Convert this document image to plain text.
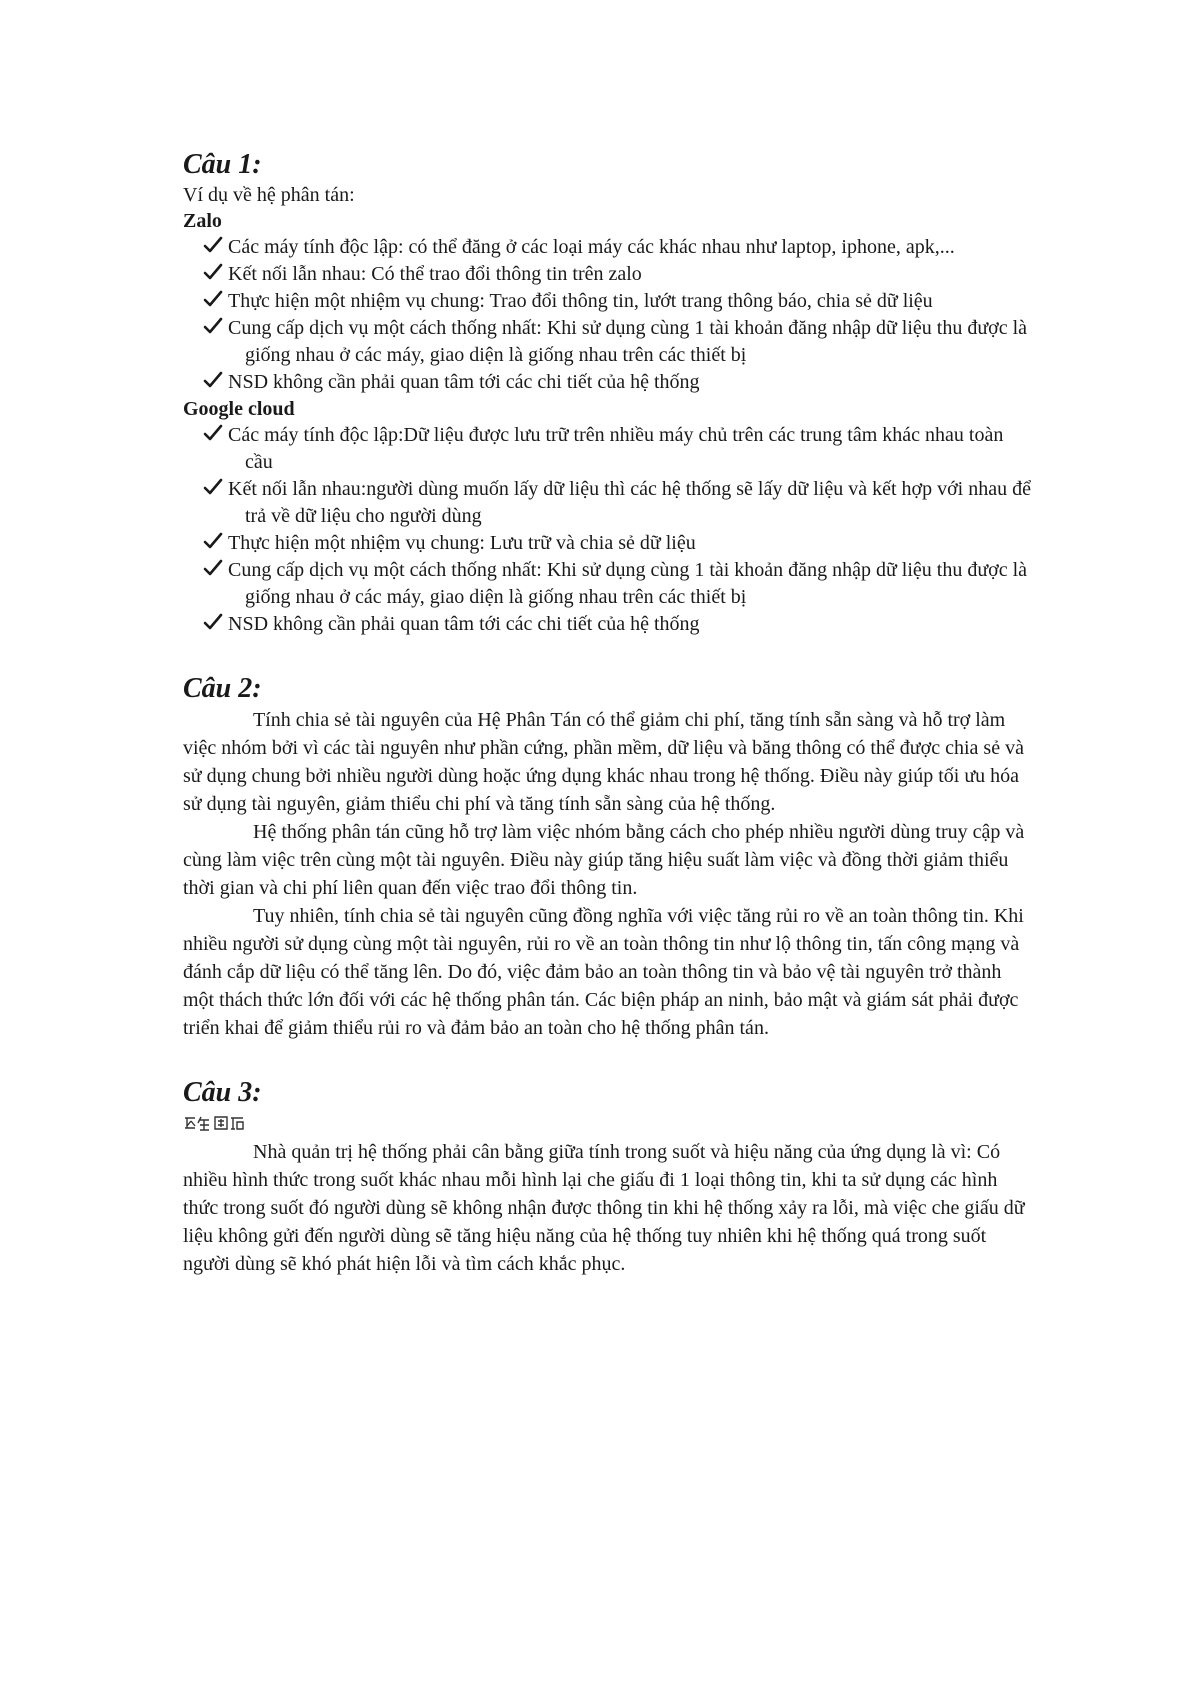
Câu 1:

Ví dụ về hệ phân tán:

Zalo

Các máy tính độc lập: có thể đăng ở các loại máy các khác nhau như laptop, iphone, apk,...
Kết nối lẫn nhau: Có thể trao đổi thông tin trên zalo
Thực hiện một nhiệm vụ chung: Trao đổi thông tin, lướt trang thông báo, chia sẻ dữ liệu
Cung cấp dịch vụ một cách thống nhất: Khi sử dụng cùng 1 tài khoản đăng nhập dữ liệu thu được là giống nhau ở các máy, giao diện là giống nhau trên các thiết bị
NSD không cần phải quan tâm tới các chi tiết của hệ thống

Google cloud

Các máy tính độc lập:Dữ liệu được lưu trữ trên nhiều máy chủ trên các trung tâm khác nhau toàn cầu
Kết nối lẫn nhau:người dùng muốn lấy dữ liệu thì các hệ thống sẽ lấy dữ liệu và kết hợp với nhau để trả về dữ liệu cho người dùng
Thực hiện một nhiệm vụ chung: Lưu trữ và chia sẻ dữ liệu
Cung cấp dịch vụ một cách thống nhất: Khi sử dụng cùng 1 tài khoản đăng nhập dữ liệu thu được là giống nhau ở các máy, giao diện là giống nhau trên các thiết bị
NSD không cần phải quan tâm tới các chi tiết của hệ thống
Câu 2:

Tính chia sẻ tài nguyên của Hệ Phân Tán có thể giảm chi phí, tăng tính sẵn sàng và hỗ trợ làm việc nhóm bởi vì các tài nguyên như phần cứng, phần mềm, dữ liệu và băng thông có thể được chia sẻ và sử dụng chung bởi nhiều người dùng hoặc ứng dụng khác nhau trong hệ thống. Điều này giúp tối ưu hóa sử dụng tài nguyên, giảm thiểu chi phí và tăng tính sẵn sàng của hệ thống.

Hệ thống phân tán cũng hỗ trợ làm việc nhóm bằng cách cho phép nhiều người dùng truy cập và cùng làm việc trên cùng một tài nguyên. Điều này giúp tăng hiệu suất làm việc và đồng thời giảm thiểu thời gian và chi phí liên quan đến việc trao đổi thông tin.

Tuy nhiên, tính chia sẻ tài nguyên cũng đồng nghĩa với việc tăng rủi ro về an toàn thông tin. Khi nhiều người sử dụng cùng một tài nguyên, rủi ro về an toàn thông tin như lộ thông tin, tấn công mạng và đánh cắp dữ liệu có thể tăng lên. Do đó, việc đảm bảo an toàn thông tin và bảo vệ tài nguyên trở thành một thách thức lớn đối với các hệ thống phân tán. Các biện pháp an ninh, bảo mật và giám sát phải được triển khai để giảm thiểu rủi ro và đảm bảo an toàn cho hệ thống phân tán.

Câu 3:

Nhà quản trị hệ thống phải cân bằng giữa tính trong suốt và hiệu năng của ứng dụng là vì: Có nhiều hình thức trong suốt khác nhau mỗi hình lại che giấu đi 1 loại thông tin, khi ta sử dụng các hình thức trong suốt đó người dùng sẽ không nhận được thông tin khi hệ thống xảy ra lỗi, mà việc che giấu dữ liệu không gửi đến người dùng sẽ tăng hiệu năng của hệ thống tuy nhiên khi hệ thống quá trong suốt người dùng sẽ khó phát hiện lỗi và tìm cách khắc phục.
